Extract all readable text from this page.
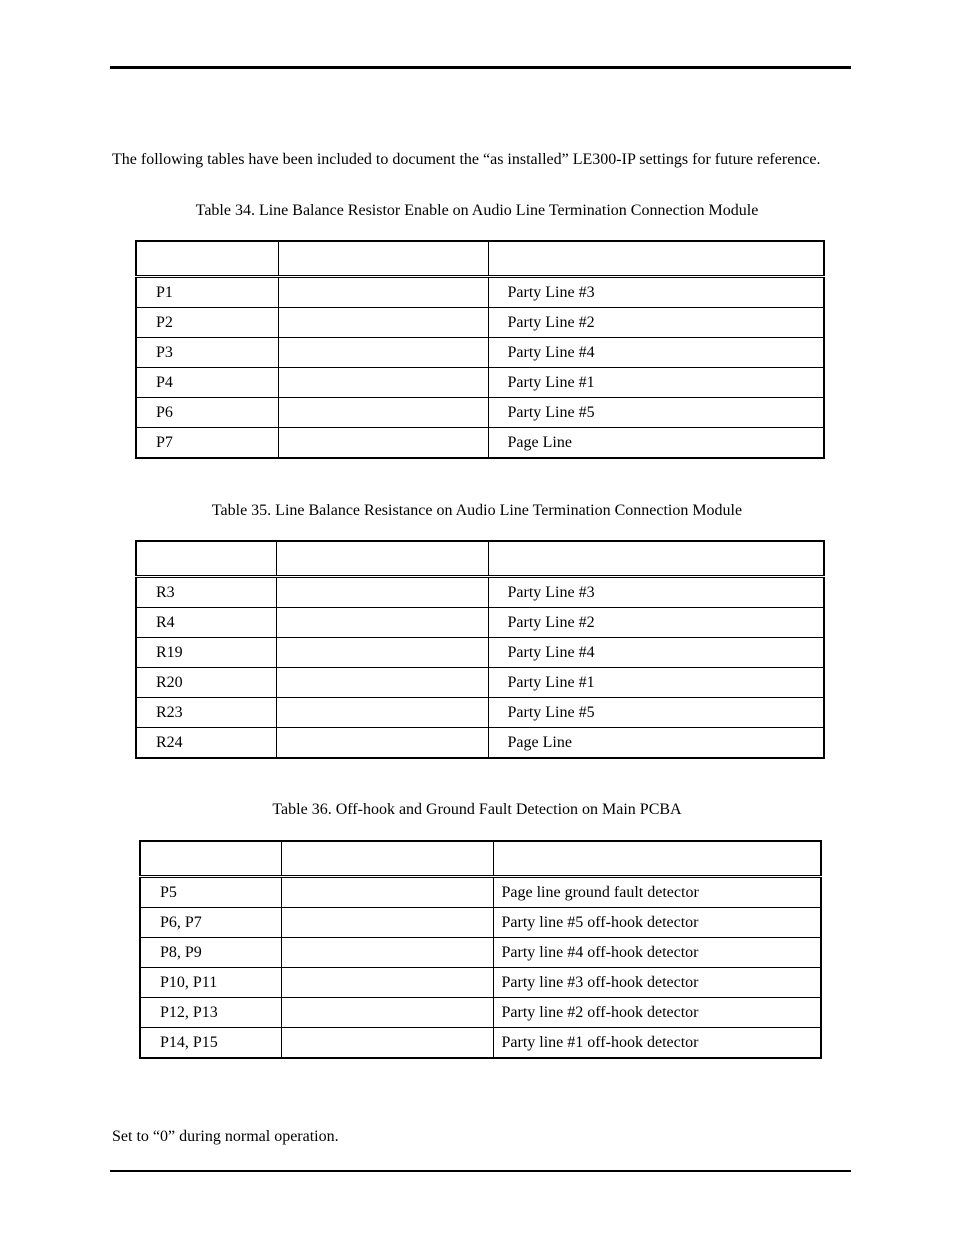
The following tables have been included to document the “as installed” LE300-IP settings for future reference.

Table 34. Line Balance Resistor Enable on Audio Line Termination Connection Module

P1		Party Line #3
P2		Party Line #2
P3		Party Line #4
P4		Party Line #1
P6		Party Line #5
P7		Page Line
Table 35. Line Balance Resistance on Audio Line Termination Connection Module

R3		Party Line #3
R4		Party Line #2
R19		Party Line #4
R20		Party Line #1
R23		Party Line #5
R24		Page Line
Table 36. Off-hook and Ground Fault Detection on Main PCBA

P5		Page line ground fault detector
P6, P7		Party line #5 off-hook detector
P8, P9		Party line #4 off-hook detector
P10, P11		Party line #3 off-hook detector
P12, P13		Party line #2 off-hook detector
P14, P15		Party line #1 off-hook detector
Set to “0” during normal operation.
